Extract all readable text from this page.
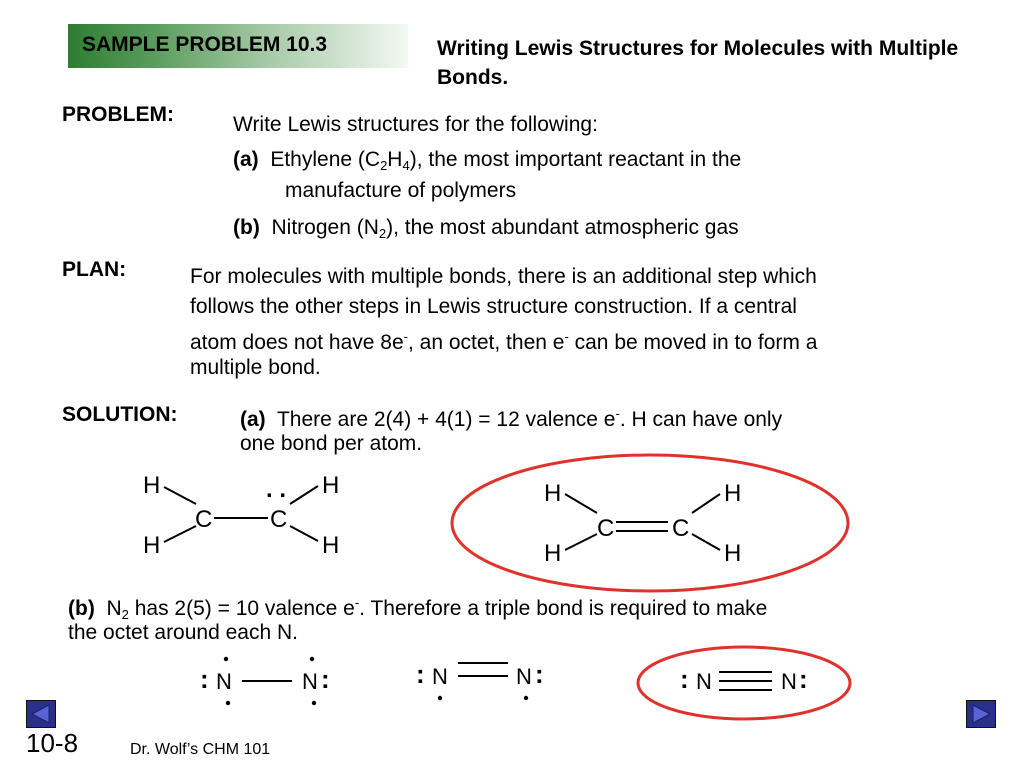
SAMPLE PROBLEM 10.3	Writing Lewis Structures for Molecules with Multiple Bonds.
PROBLEM:	Write Lewis structures for the following:
(a) Ethylene $(C_2H_4)$, the most important reactant in the
manufacture of polymers
(b) Nitrogen $(N_2)$, the most abundant atmospheric gas
PLAN:	For molecules with multiple bonds, there is an additional step which
follows the other steps in Lewis structure construction. If a central
atom does not have 8e-, an octet, then e- can be moved in to form a
multiple bond.
SOLUTION:	(a) There are 2(4) + 4(1) = 12 valence e-. H can have only
one bond per atom.
(b) $N_2$ has 2(5) = 10 valence e-. Therefore a triple bond is required to make
the octet around each N.
H
H
H
H
C C
. .	H
H
H
H
C C
: N	N :	: N	N :	: N	N :
10-8	Dr. Wolf’s CHM 101
